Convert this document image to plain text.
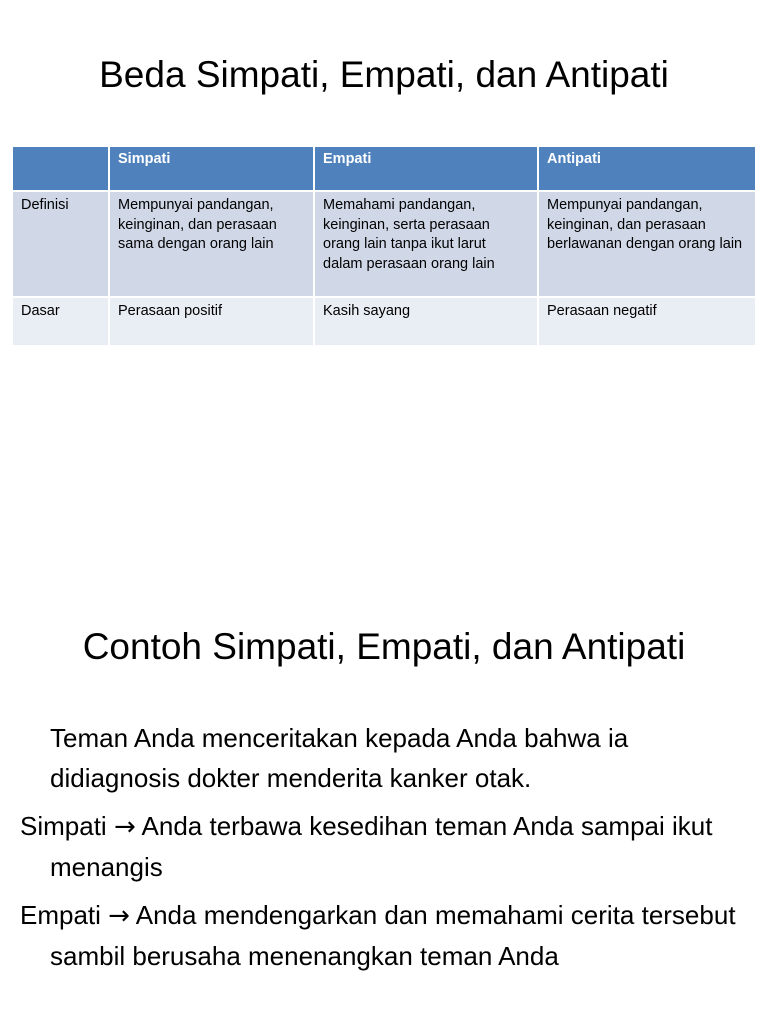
Beda Simpati, Empati, dan Antipati
	Simpati	Empati	Antipati
Definisi	Mempunyai pandangan, keinginan, dan perasaan sama dengan orang lain	Memahami pandangan, keinginan, serta perasaan orang lain tanpa ikut larut dalam perasaan orang lain	Mempunyai pandangan, keinginan, dan perasaan berlawanan dengan orang lain
Dasar	Perasaan positif	Kasih sayang	Perasaan negatif
Contoh Simpati, Empati, dan Antipati
Teman Anda menceritakan kepada Anda bahwa ia didiagnosis dokter menderita kanker otak.
Simpati → Anda terbawa kesedihan teman Anda sampai ikut menangis
Empati → Anda mendengarkan dan memahami cerita tersebut sambil berusaha menenangkan teman Anda
